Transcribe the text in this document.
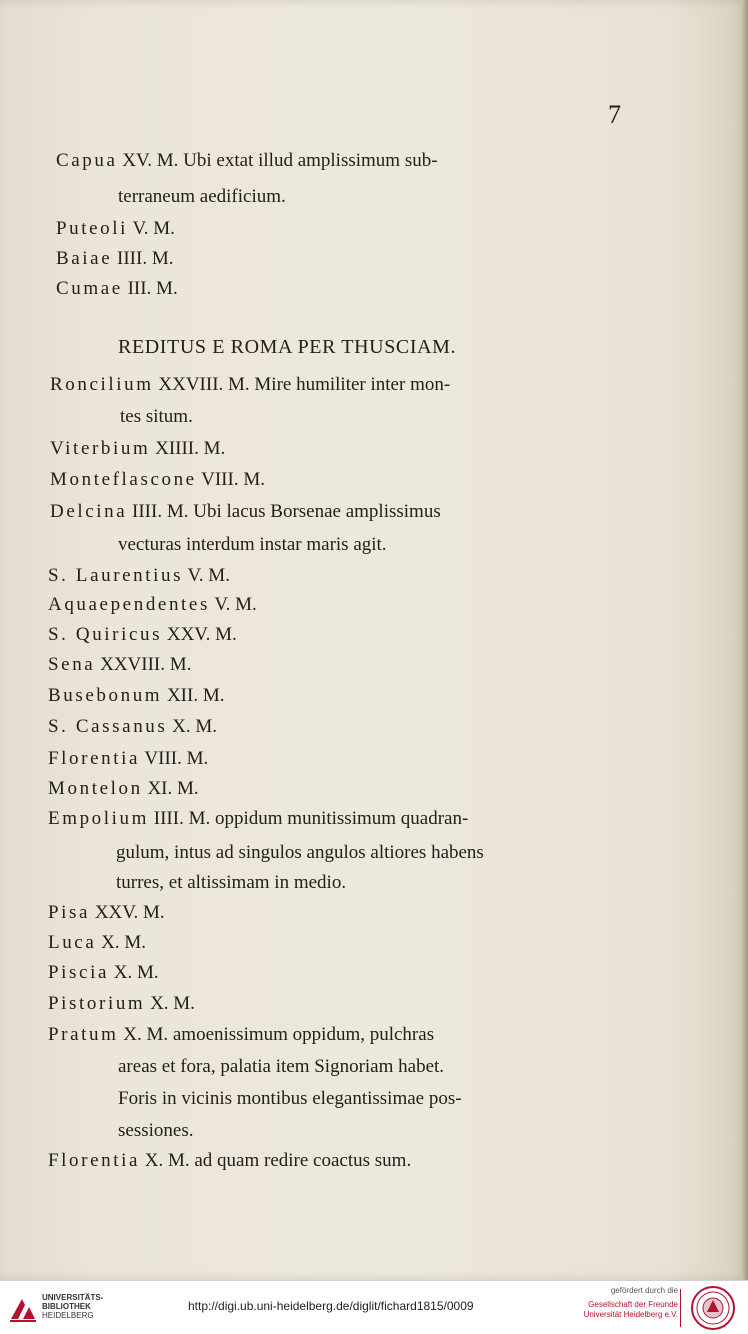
7
Capua XV. M. Ubi extat illud amplissimum sub-
terraneum aedificium.
Puteoli V. M.
Baiae IIII. M.
Cumae III. M.
REDITUS E ROMA PER THUSCIAM.
Roncilium XXVIII. M. Mire humiliter inter mon-
tes situm.
Viterbium XIIII. M.
Monteflascone VIII. M.
Delcina IIII. M. Ubi lacus Borsenae amplissimus
vecturas interdum instar maris agit.
S. Laurentius V. M.
Aquaependentes V. M.
S. Quiricus XXV. M.
Sena XXVIII. M.
Busebonum XII. M.
S. Cassanus X. M.
Florentia VIII. M.
Montelon XI. M.
Empolium IIII. M. oppidum munitissimum quadran-
gulum, intus ad singulos angulos altiores habens
turres, et altissimam in medio.
Pisa XXV. M.
Luca X. M.
Piscia X. M.
Pistorium X. M.
Pratum X. M. amoenissimum oppidum, pulchras
areas et fora, palatia item Signoriam habet.
Foris in vicinis montibus elegantissimae pos-
sessiones.
Florentia X. M. ad quam redire coactus sum.
UNIVERSITÄTS-
BIBLIOTHEK
HEIDELBERG
http://digi.ub.uni-heidelberg.de/diglit/fichard1815/0009
gefördert durch die
Gesellschaft der Freunde
Universität Heidelberg e.V.
